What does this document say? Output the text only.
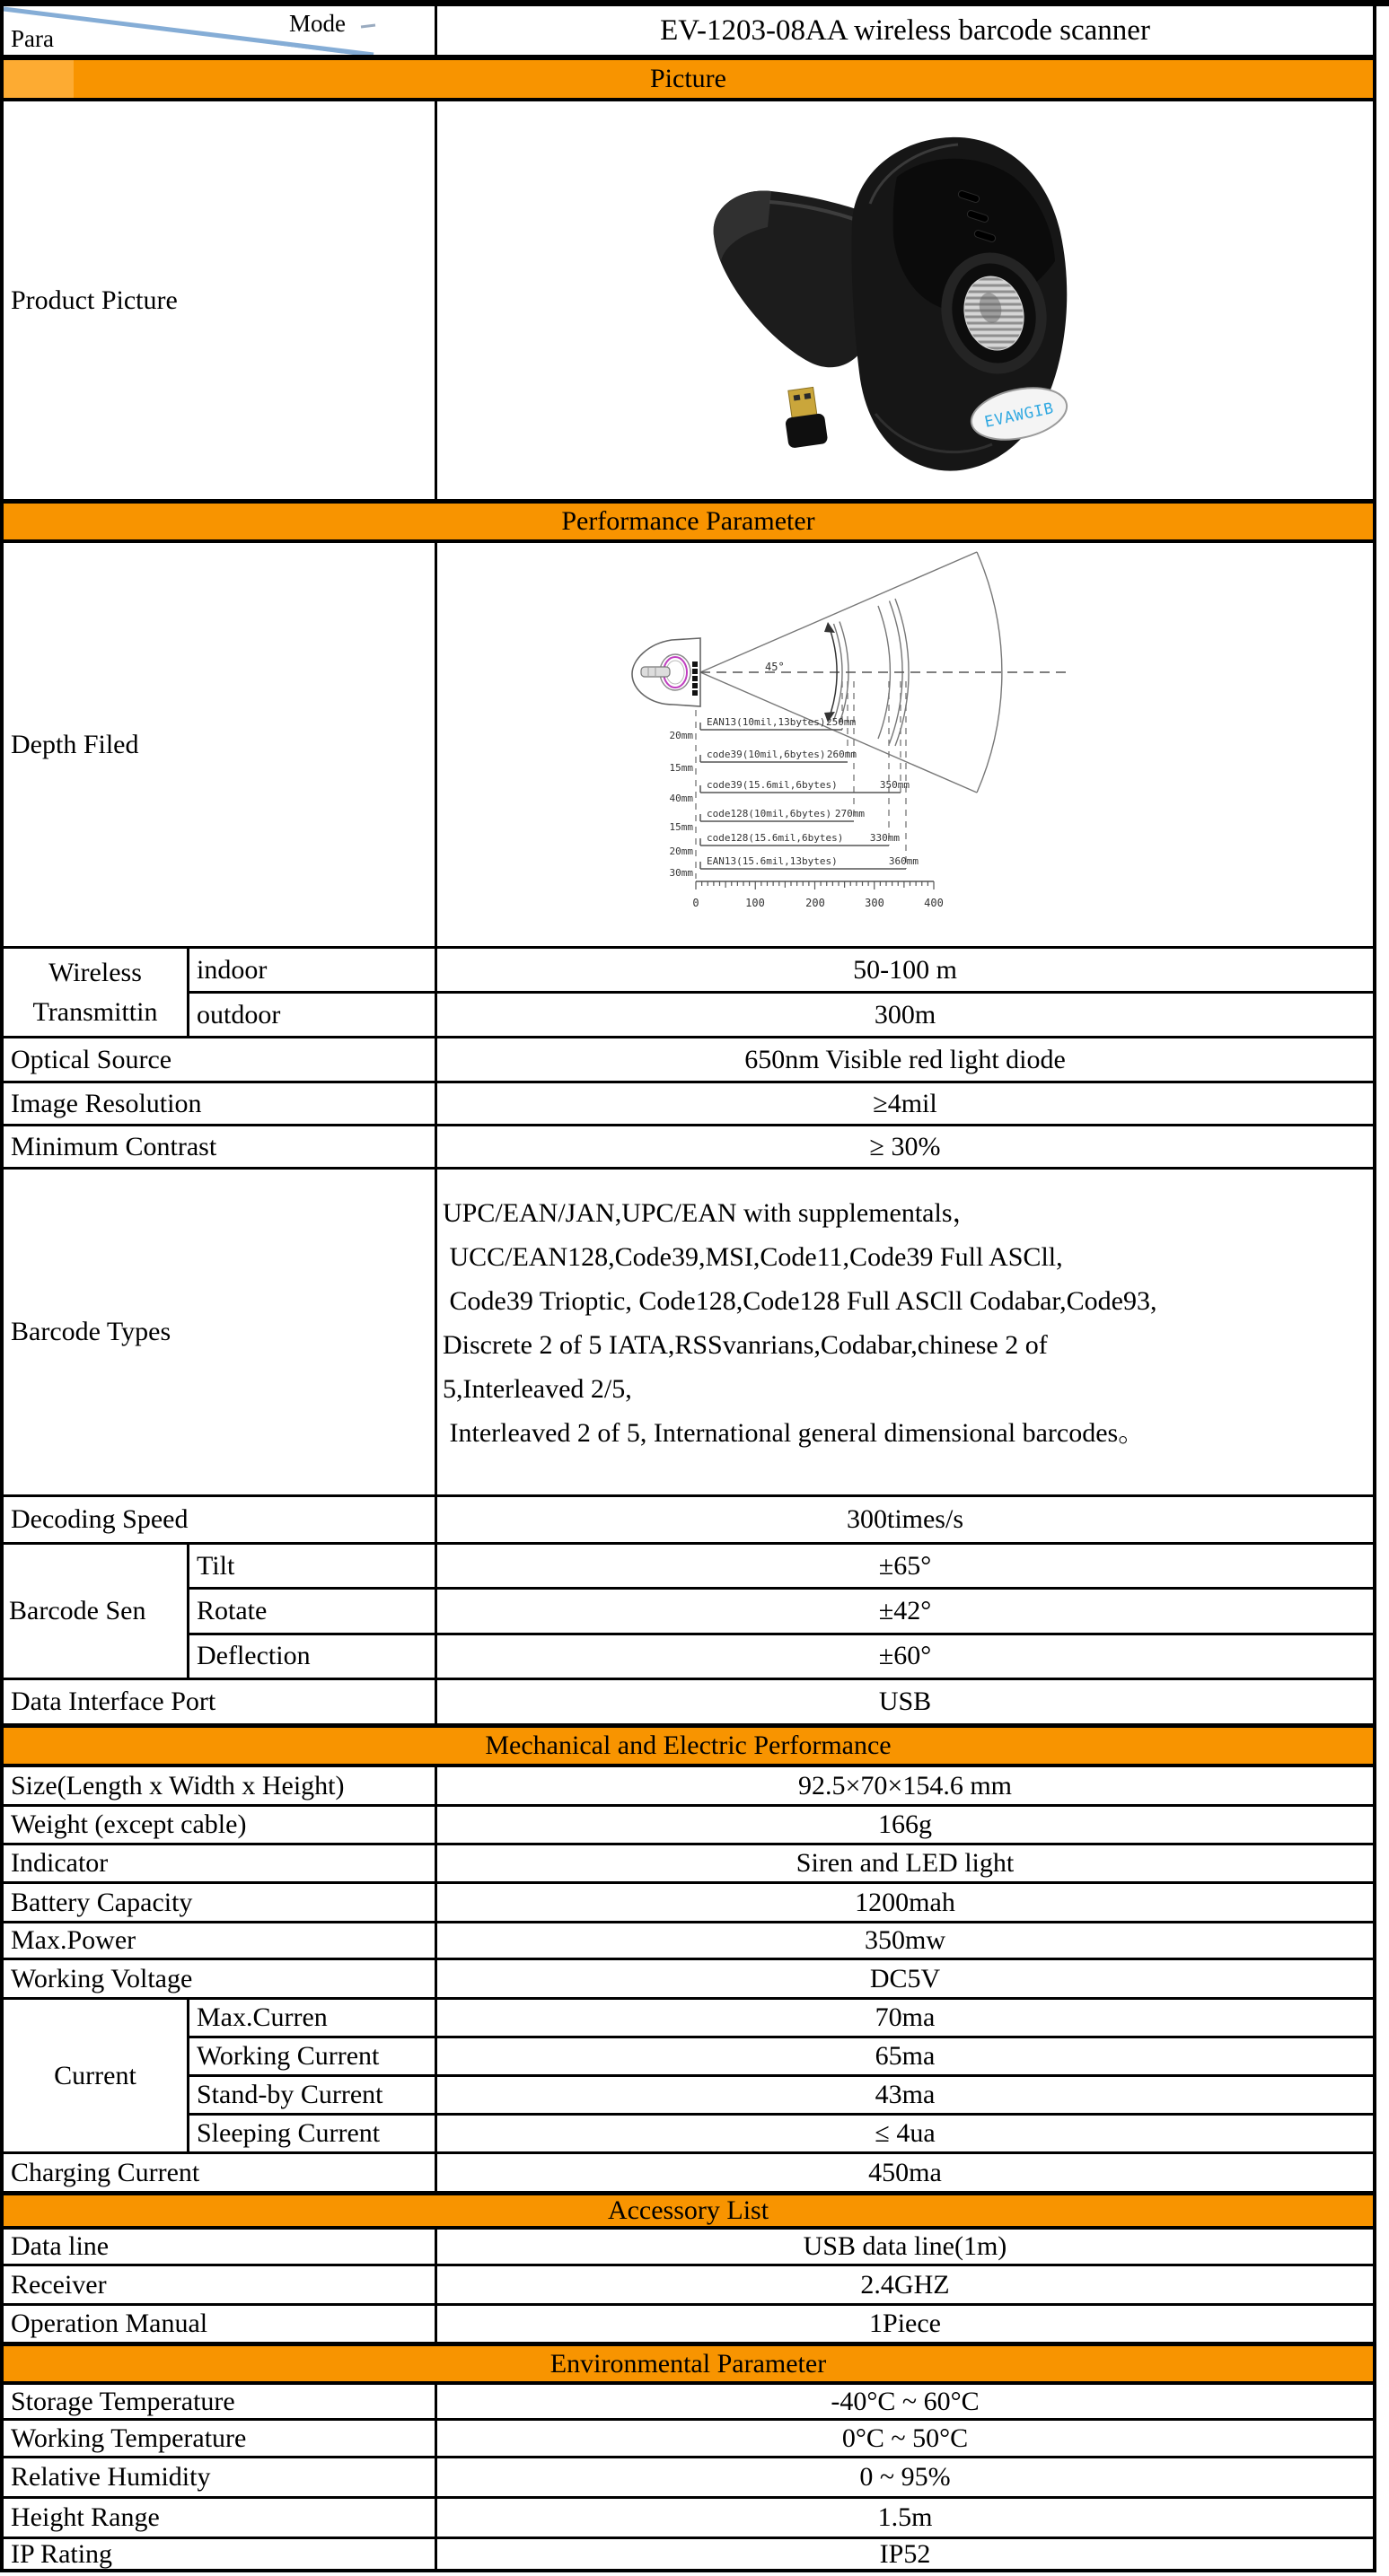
Para
Mode	EV-1203-08AA wireless barcode scanner
Picture
Product Picture
EVAWGIB
Performance Parameter
Depth Filed
45°
20mm
15mm
40mm
15mm
20mm
30mm
EAN13(10mil,13bytes)
code39(10mil,6bytes)
code39(15.6mil,6bytes)
code128(10mil,6bytes)
code128(15.6mil,6bytes)
EAN13(15.6mil,13bytes)
250mm
260mm
350mm
270mm
330mm
360mm
0	100	200	300	400
Wireless Transmittin
indoor	50-100 m
outdoor	300m
Optical Source	650nm Visible red light diode
Image Resolution	≥4mil
Minimum Contrast	≥ 30%
Barcode Types
UPC/EAN/JAN,UPC/EAN with supplementals，
UCC/EAN128,Code39,MSI,Code11,Code39 Full ASCll,
Code39 Trioptic, Code128,Code128 Full ASCll Codabar,Code93,
Discrete 2 of 5 IATA,RSSvanrians,Codabar,chinese 2 of
5,Interleaved 2/5,
Interleaved 2 of 5, International general dimensional barcodes。
Decoding Speed	300times/s
Barcode Sen
Tilt	±65°
Rotate	±42°
Deflection	±60°
Data Interface Port	USB
Mechanical and Electric Performance
Size(Length x Width x Height)	92.5×70×154.6 mm
Weight (except cable)	166g
Indicator	Siren and LED light
Battery Capacity	1200mah
Max.Power	350mw
Working Voltage	DC5V
Current
Max.Curren	70ma
Working Current	65ma
Stand-by Current	43ma
Sleeping Current	≤ 4ua
Charging Current	450ma
Accessory List
Data line	USB data line(1m)
Receiver	2.4GHZ
Operation Manual	1Piece
Environmental Parameter
Storage Temperature	-40°C ~ 60°C
Working Temperature	0°C ~ 50°C
Relative Humidity	0 ~ 95%
Height Range	1.5m
IP Rating	IP52
